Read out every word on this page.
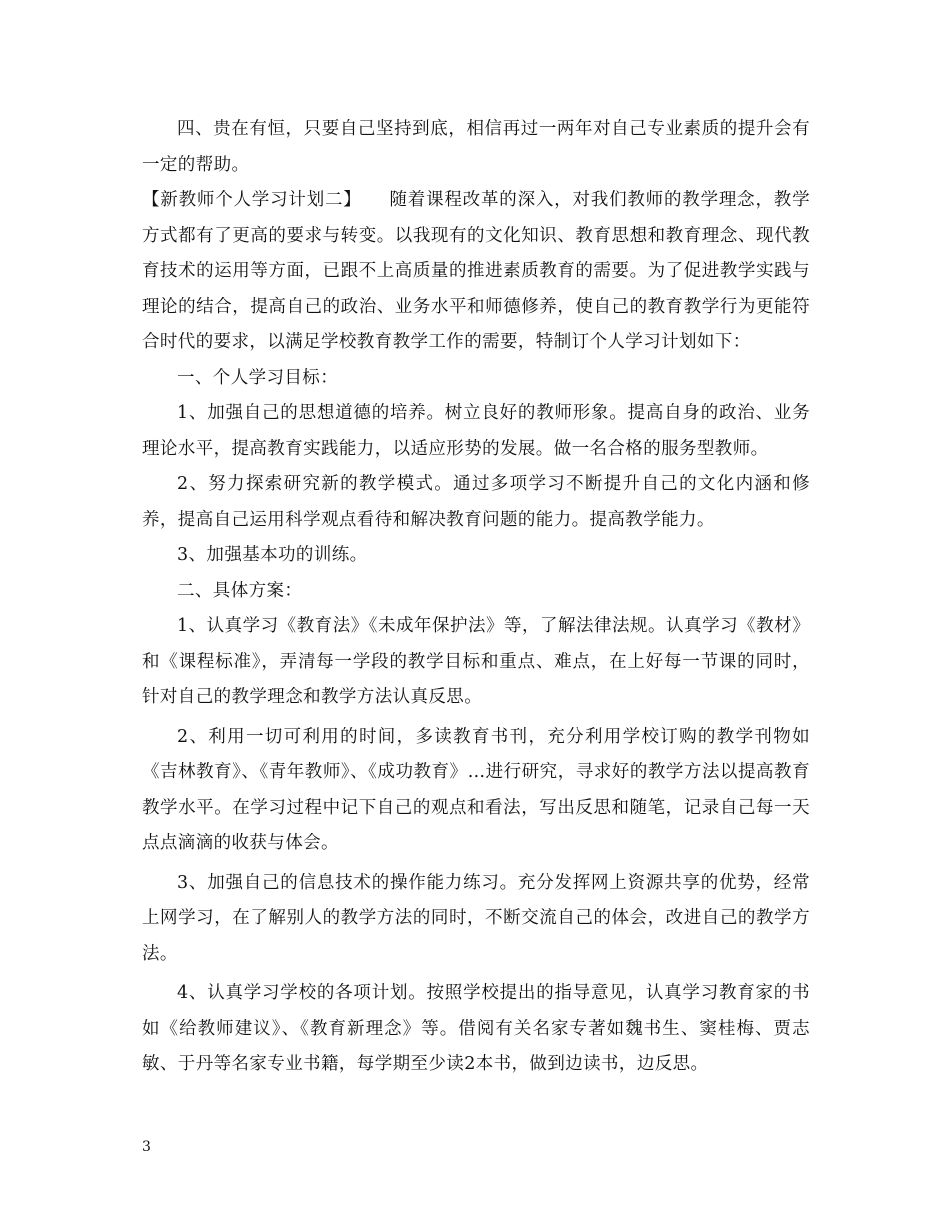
四、贵在有恒，只要自己坚持到底，相信再过一两年对自己专业素质的提升会有一定的帮助。

【新教师个人学习计划二】　　随着课程改革的深入，对我们教师的教学理念，教学方式都有了更高的要求与转变。以我现有的文化知识、教育思想和教育理念、现代教育技术的运用等方面，已跟不上高质量的推进素质教育的需要。为了促进教学实践与理论的结合，提高自己的政治、业务水平和师德修养，使自己的教育教学行为更能符合时代的要求，以满足学校教育教学工作的需要，特制订个人学习计划如下：

一、个人学习目标：

1、加强自己的思想道德的培养。树立良好的教师形象。提高自身的政治、业务理论水平，提高教育实践能力，以适应形势的发展。做一名合格的服务型教师。

2、努力探索研究新的教学模式。通过多项学习不断提升自己的文化内涵和修养，提高自己运用科学观点看待和解决教育问题的能力。提高教学能力。

3、加强基本功的训练。

二、具体方案：

1、认真学习《教育法》《未成年保护法》等，了解法律法规。认真学习《教材》和《课程标准》，弄清每一学段的教学目标和重点、难点，在上好每一节课的同时，针对自己的教学理念和教学方法认真反思。

2、利用一切可利用的时间，多读教育书刊，充分利用学校订购的教学刊物如《吉林教育》、《青年教师》、《成功教育》…进行研究，寻求好的教学方法以提高教育教学水平。在学习过程中记下自己的观点和看法，写出反思和随笔，记录自己每一天点点滴滴的收获与体会。

3、加强自己的信息技术的操作能力练习。充分发挥网上资源共享的优势，经常上网学习，在了解别人的教学方法的同时，不断交流自己的体会，改进自己的教学方法。

4、认真学习学校的各项计划。按照学校提出的指导意见，认真学习教育家的书如《给教师建议》、《教育新理念》等。借阅有关名家专著如魏书生、窦桂梅、贾志敏、于丹等名家专业书籍，每学期至少读2本书，做到边读书，边反思。

3
